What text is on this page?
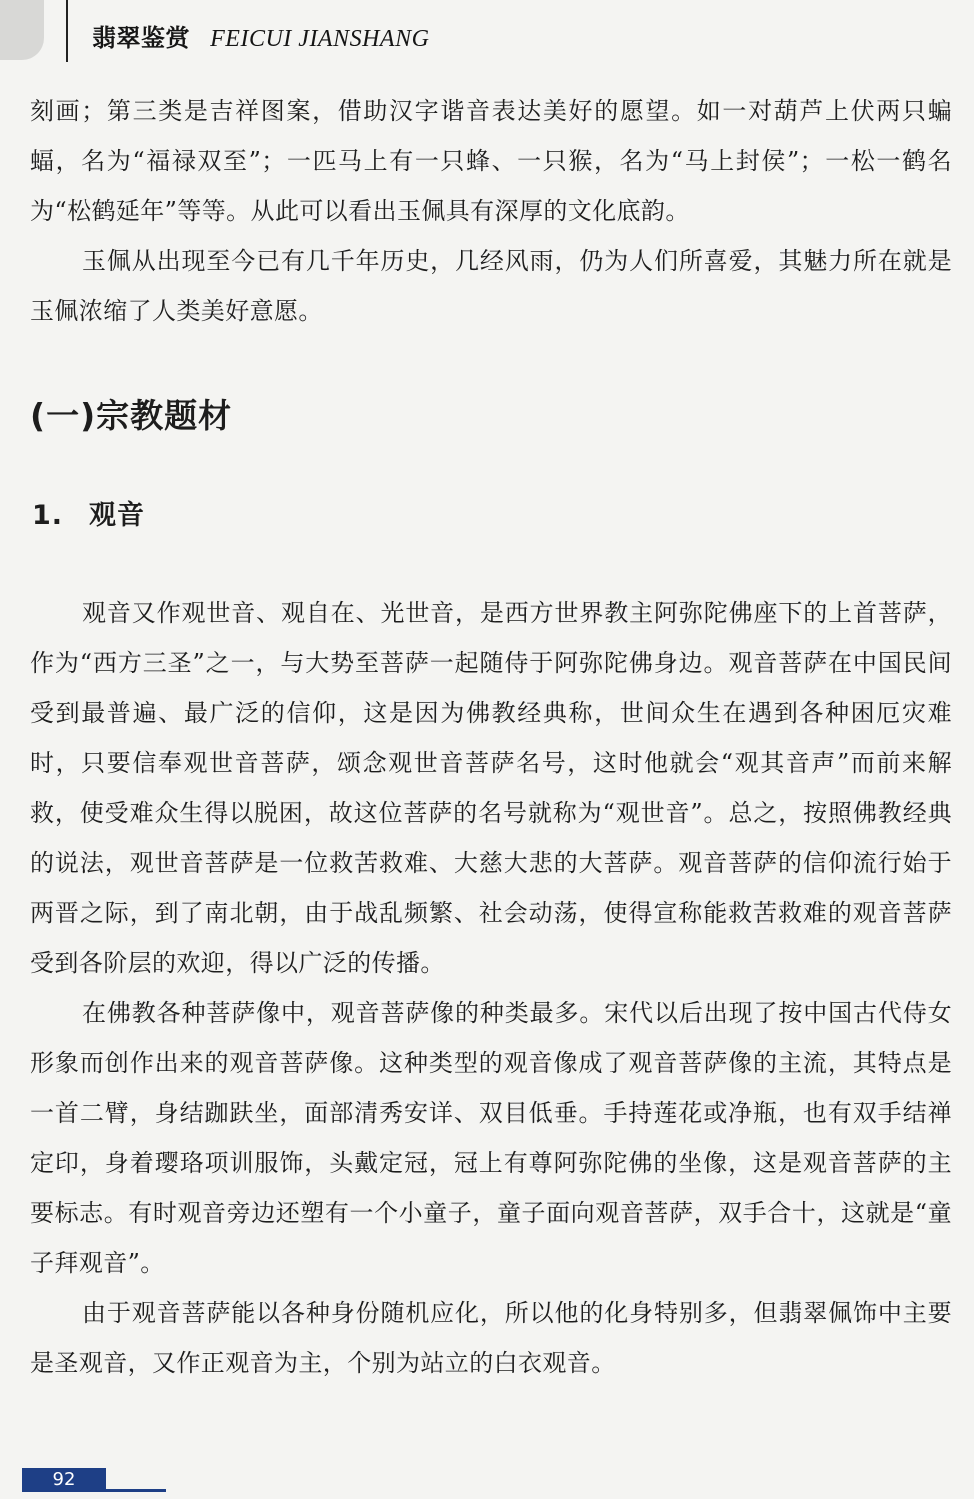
翡翠鉴赏 FEICUI JIANSHANG

刻画；第三类是吉祥图案，借助汉字谐音表达美好的愿望。如一对葫芦上伏两只蝙蝠，名为“福禄双至”；一匹马上有一只蜂、一只猴，名为“马上封侯”；一松一鹤名为“松鹤延年”等等。从此可以看出玉佩具有深厚的文化底韵。

玉佩从出现至今已有几千年历史，几经风雨，仍为人们所喜爱，其魅力所在就是玉佩浓缩了人类美好意愿。

(一)宗教题材
1. 观音

观音又作观世音、观自在、光世音，是西方世界教主阿弥陀佛座下的上首菩萨，作为“西方三圣”之一，与大势至菩萨一起随侍于阿弥陀佛身边。观音菩萨在中国民间受到最普遍、最广泛的信仰，这是因为佛教经典称，世间众生在遇到各种困厄灾难时，只要信奉观世音菩萨，颂念观世音菩萨名号，这时他就会“观其音声”而前来解救，使受难众生得以脱困，故这位菩萨的名号就称为“观世音”。总之，按照佛教经典的说法，观世音菩萨是一位救苦救难、大慈大悲的大菩萨。观音菩萨的信仰流行始于两晋之际，到了南北朝，由于战乱频繁、社会动荡，使得宣称能救苦救难的观音菩萨受到各阶层的欢迎，得以广泛的传播。

在佛教各种菩萨像中，观音菩萨像的种类最多。宋代以后出现了按中国古代侍女形象而创作出来的观音菩萨像。这种类型的观音像成了观音菩萨像的主流，其特点是一首二臂，身结跏趺坐，面部清秀安详、双目低垂。手持莲花或净瓶，也有双手结禅定印，身着璎珞项训服饰，头戴定冠，冠上有尊阿弥陀佛的坐像，这是观音菩萨的主要标志。有时观音旁边还塑有一个小童子，童子面向观音菩萨，双手合十，这就是“童子拜观音”。

由于观音菩萨能以各种身份随机应化，所以他的化身特别多，但翡翠佩饰中主要是圣观音，又作正观音为主，个别为站立的白衣观音。

92
